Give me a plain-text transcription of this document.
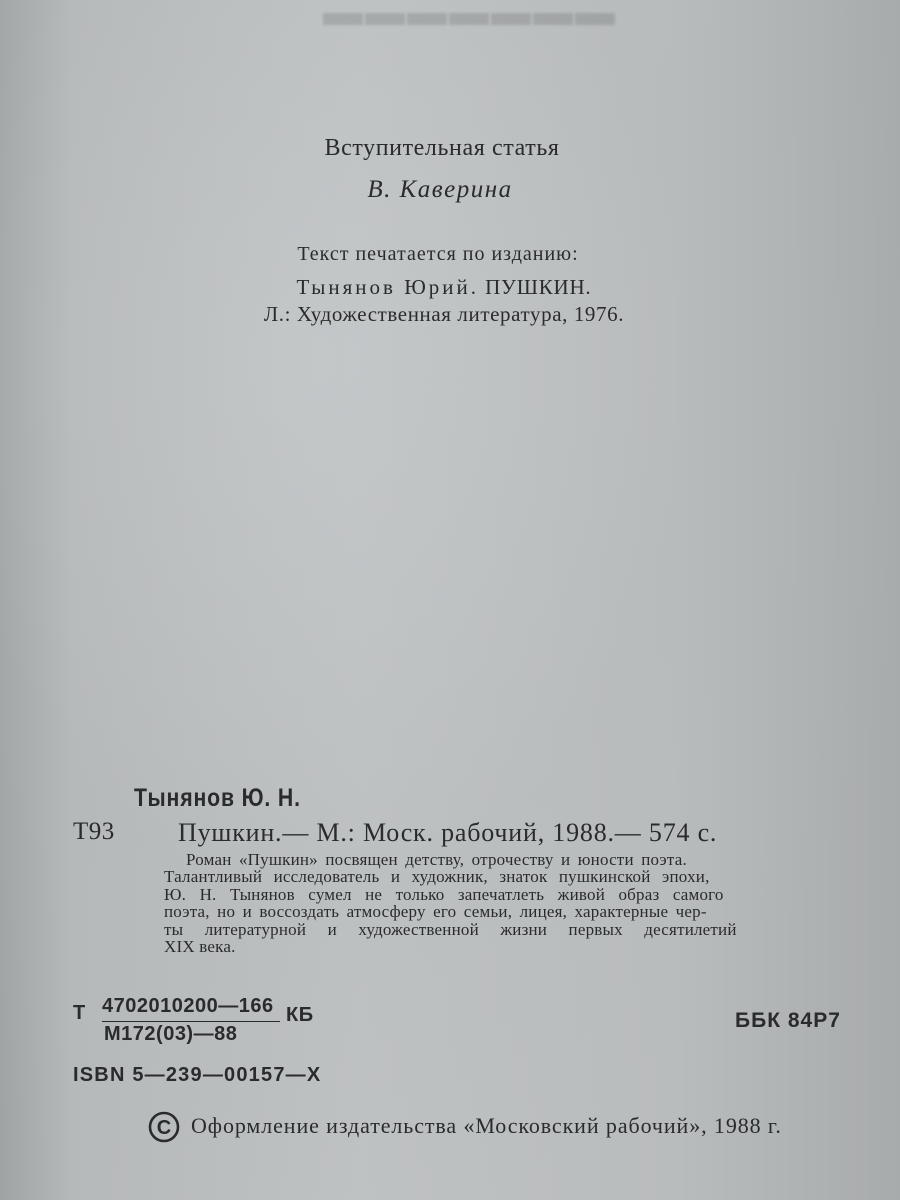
▬▬▬▬▬▬▬
Вступительная статья
В. Каверина
Текст печатается по изданию:
Тынянов Юрий. ПУШКИН.
Л.: Художественная литература, 1976.
Тынянов Ю. Н.
Т93 Пушкин.— М.: Моск. рабочий, 1988.— 574 с.
Роман «Пушкин» посвящен детству, отрочеству и юности поэта.
Талантливый исследователь и художник, знаток пушкинской эпохи,
Ю. Н. Тынянов сумел не только запечатлеть живой образ самого
поэта, но и воссоздать атмосферу его семьи, лицея, характерные чер-
ты литературной и художественной жизни первых десятилетий
XIX века.
Т 4702010200—166
М172(03)—88
КБ	ББК 84Р7
ISBN 5—239—00157—X
C Оформление издательства «Московский рабочий», 1988 г.
